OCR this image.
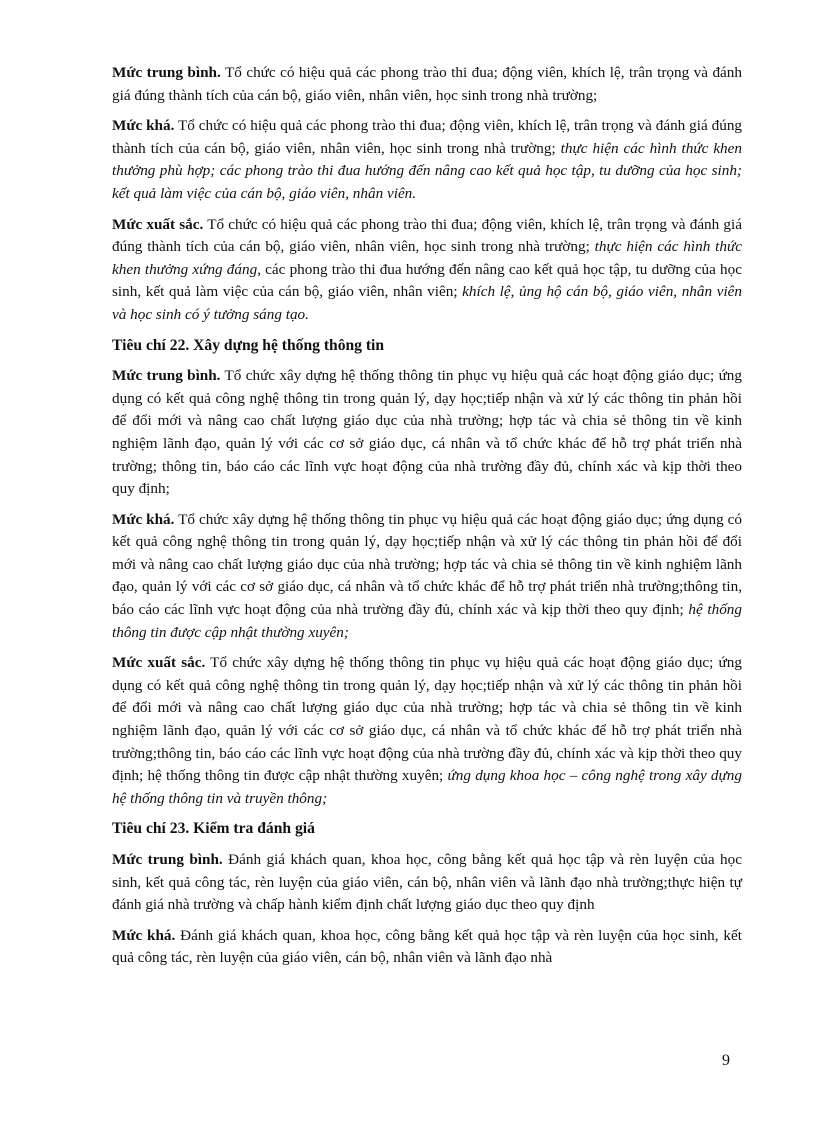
Mức trung bình. Tổ chức có hiệu quả các phong trào thi đua; động viên, khích lệ, trân trọng và đánh giá đúng thành tích của cán bộ, giáo viên, nhân viên, học sinh trong nhà trường;

Mức khá. Tổ chức có hiệu quả các phong trào thi đua; động viên, khích lệ, trân trọng và đánh giá đúng thành tích của cán bộ, giáo viên, nhân viên, học sinh trong nhà trường; thực hiện các hình thức khen thưởng phù hợp; các phong trào thi đua hướng đến nâng cao kết quả học tập, tu dưỡng của học sinh; kết quả làm việc của cán bộ, giáo viên, nhân viên.

Mức xuất sắc. Tổ chức có hiệu quả các phong trào thi đua; động viên, khích lệ, trân trọng và đánh giá đúng thành tích của cán bộ, giáo viên, nhân viên, học sinh trong nhà trường; thực hiện các hình thức khen thưởng xứng đáng, các phong trào thi đua hướng đến nâng cao kết quả học tập, tu dưỡng của học sinh, kết quả làm việc của cán bộ, giáo viên, nhân viên; khích lệ, ủng hộ cán bộ, giáo viên, nhân viên và học sinh có ý tưởng sáng tạo.

Tiêu chí 22. Xây dựng hệ thống thông tin

Mức trung bình. Tổ chức xây dựng hệ thống thông tin phục vụ hiệu quả các hoạt động giáo dục; ứng dụng có kết quả công nghệ thông tin trong quản lý, dạy học;tiếp nhận và xử lý các thông tin phản hồi để đổi mới và nâng cao chất lượng giáo dục của nhà trường; hợp tác và chia sẻ thông tin về kinh nghiệm lãnh đạo, quản lý với các cơ sở giáo dục, cá nhân và tổ chức khác để hỗ trợ phát triển nhà trường; thông tin, báo cáo các lĩnh vực hoạt động của nhà trường đầy đủ, chính xác và kịp thời theo quy định;

Mức khá. Tổ chức xây dựng hệ thống thông tin phục vụ hiệu quả các hoạt động giáo dục; ứng dụng có kết quả công nghệ thông tin trong quản lý, dạy học;tiếp nhận và xử lý các thông tin phản hồi để đổi mới và nâng cao chất lượng giáo dục của nhà trường; hợp tác và chia sẻ thông tin về kinh nghiệm lãnh đạo, quản lý với các cơ sở giáo dục, cá nhân và tổ chức khác để hỗ trợ phát triển nhà trường;thông tin, báo cáo các lĩnh vực hoạt động của nhà trường đầy đủ, chính xác và kịp thời theo quy định; hệ thống thông tin được cập nhật thường xuyên;

Mức xuất sắc. Tổ chức xây dựng hệ thống thông tin phục vụ hiệu quả các hoạt động giáo dục; ứng dụng có kết quả công nghệ thông tin trong quản lý, dạy học;tiếp nhận và xử lý các thông tin phản hồi để đổi mới và nâng cao chất lượng giáo dục của nhà trường; hợp tác và chia sẻ thông tin về kinh nghiệm lãnh đạo, quản lý với các cơ sở giáo dục, cá nhân và tổ chức khác để hỗ trợ phát triển nhà trường;thông tin, báo cáo các lĩnh vực hoạt động của nhà trường đầy đủ, chính xác và kịp thời theo quy định; hệ thống thông tin được cập nhật thường xuyên; ứng dụng khoa học – công nghệ trong xây dựng hệ thống thông tin và truyền thông;

Tiêu chí 23. Kiểm tra đánh giá

Mức trung bình. Đánh giá khách quan, khoa học, công bằng kết quả học tập và rèn luyện của học sinh, kết quả công tác, rèn luyện của giáo viên, cán bộ, nhân viên và lãnh đạo nhà trường;thực hiện tự đánh giá nhà trường và chấp hành kiểm định chất lượng giáo dục theo quy định

Mức khá. Đánh giá khách quan, khoa học, công bằng kết quả học tập và rèn luyện của học sinh, kết quả công tác, rèn luyện của giáo viên, cán bộ, nhân viên và lãnh đạo nhà

9
